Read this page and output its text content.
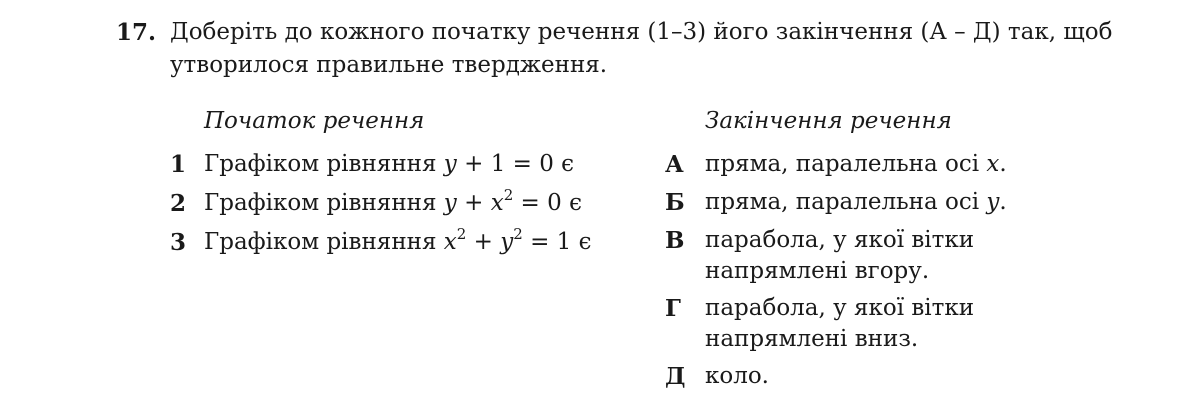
17. Доберіть до кожного початку речення (1–3) його закінчення (А – Д) так, щоб утворилося правильне твердження.
Початок речення	Закінчення речення
1 Графіком рівняння y + 1 = 0 є
2 Графіком рівняння $y + x^2 = 0$ є
3 Графіком рівняння $x^2 + y^2 = 1$ є
А пряма, паралельна осі x.
Б пряма, паралельна осі y.
В парабола, у якої вітки
напрямлені вгору.
Г парабола, у якої вітки
напрямлені вниз.
Д коло.
